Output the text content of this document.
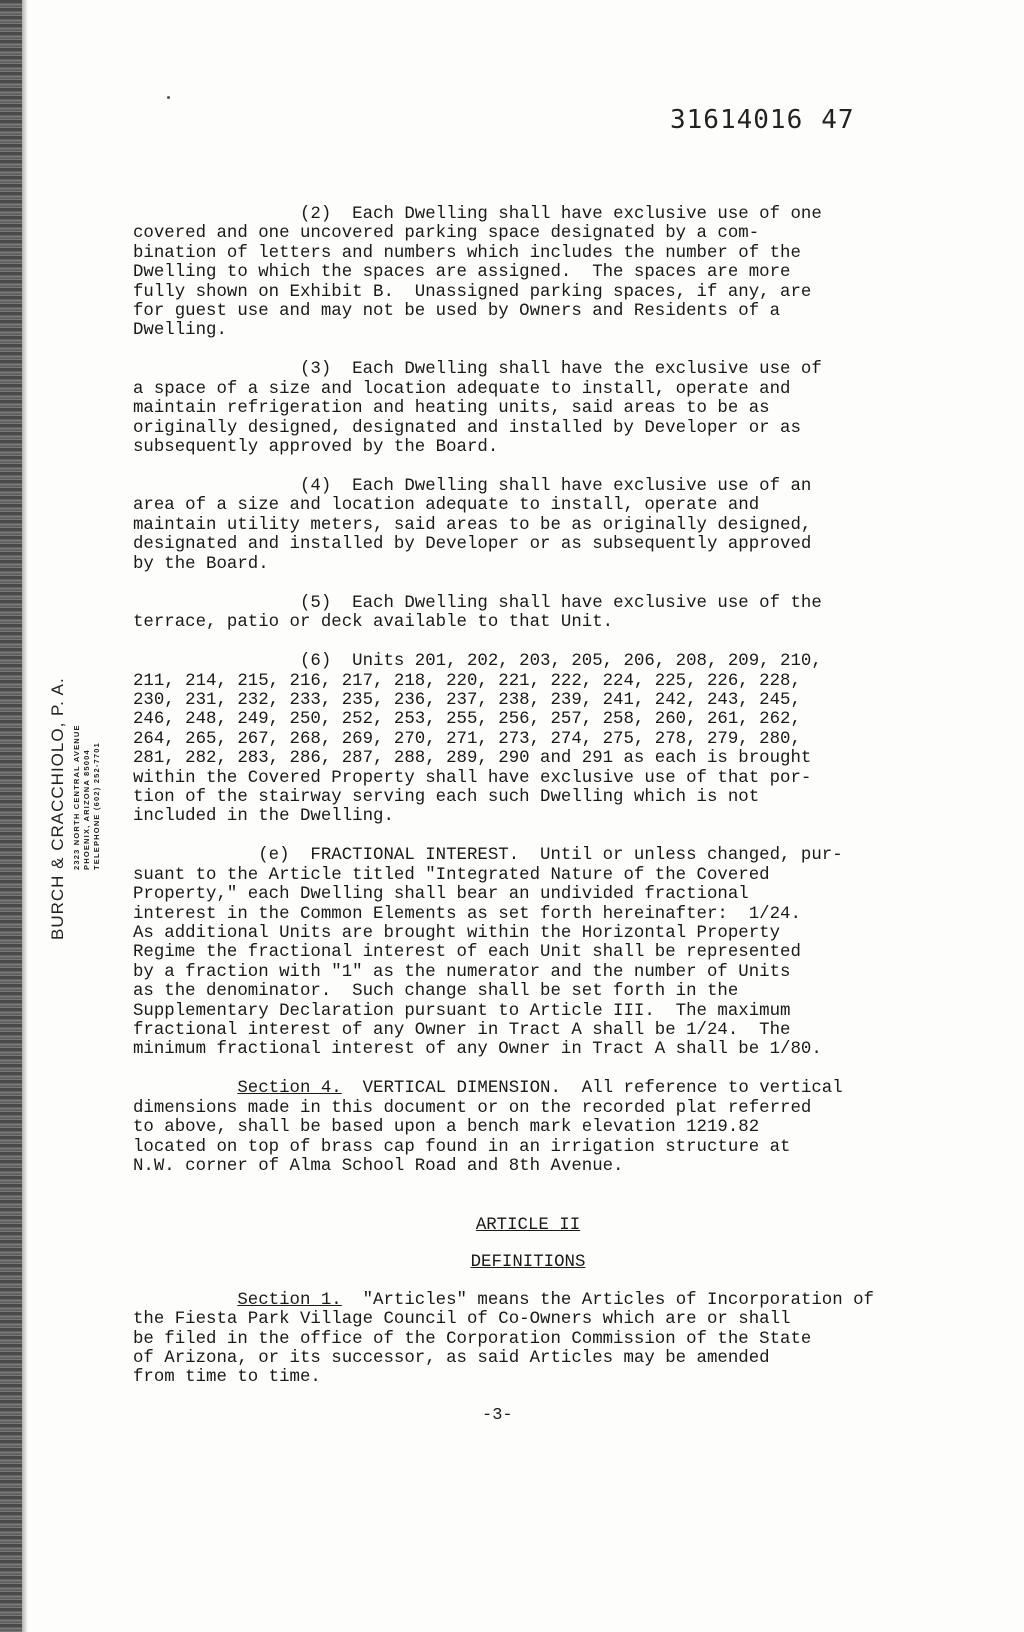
31614016 47
BURCH & CRACCHIOLO, P. A. 2323 NORTH CENTRAL AVENUE PHOENIX, ARIZONA 85004 TELEPHONE (602) 252-7701

(2)  Each Dwelling shall have exclusive use of one
covered and one uncovered parking space designated by a com-
bination of letters and numbers which includes the number of the
Dwelling to which the spaces are assigned.  The spaces are more
fully shown on Exhibit B.  Unassigned parking spaces, if any, are
for guest use and may not be used by Owners and Residents of a
Dwelling.

(3)  Each Dwelling shall have the exclusive use of
a space of a size and location adequate to install, operate and
maintain refrigeration and heating units, said areas to be as
originally designed, designated and installed by Developer or as
subsequently approved by the Board.

(4)  Each Dwelling shall have exclusive use of an
area of a size and location adequate to install, operate and
maintain utility meters, said areas to be as originally designed,
designated and installed by Developer or as subsequently approved
by the Board.

(5)  Each Dwelling shall have exclusive use of the
terrace, patio or deck available to that Unit.

(6)  Units 201, 202, 203, 205, 206, 208, 209, 210,
211, 214, 215, 216, 217, 218, 220, 221, 222, 224, 225, 226, 228,
230, 231, 232, 233, 235, 236, 237, 238, 239, 241, 242, 243, 245,
246, 248, 249, 250, 252, 253, 255, 256, 257, 258, 260, 261, 262,
264, 265, 267, 268, 269, 270, 271, 273, 274, 275, 278, 279, 280,
281, 282, 283, 286, 287, 288, 289, 290 and 291 as each is brought
within the Covered Property shall have exclusive use of that por-
tion of the stairway serving each such Dwelling which is not
included in the Dwelling.

(e)  FRACTIONAL INTEREST.  Until or unless changed, pur-
suant to the Article titled "Integrated Nature of the Covered
Property," each Dwelling shall bear an undivided fractional
interest in the Common Elements as set forth hereinafter:  1/24.
As additional Units are brought within the Horizontal Property
Regime the fractional interest of each Unit shall be represented
by a fraction with "1" as the numerator and the number of Units
as the denominator.  Such change shall be set forth in the
Supplementary Declaration pursuant to Article III.  The maximum
fractional interest of any Owner in Tract A shall be 1/24.  The
minimum fractional interest of any Owner in Tract A shall be 1/80.

Section 4.  VERTICAL DIMENSION.  All reference to vertical
dimensions made in this document or on the recorded plat referred
to above, shall be based upon a bench mark elevation 1219.82
located on top of brass cap found in an irrigation structure at
N.W. corner of Alma School Road and 8th Avenue.

ARTICLE II

DEFINITIONS

Section 1.  "Articles" means the Articles of Incorporation of
the Fiesta Park Village Council of Co-Owners which are or shall
be filed in the office of the Corporation Commission of the State
of Arizona, or its successor, as said Articles may be amended
from time to time.

-3-
